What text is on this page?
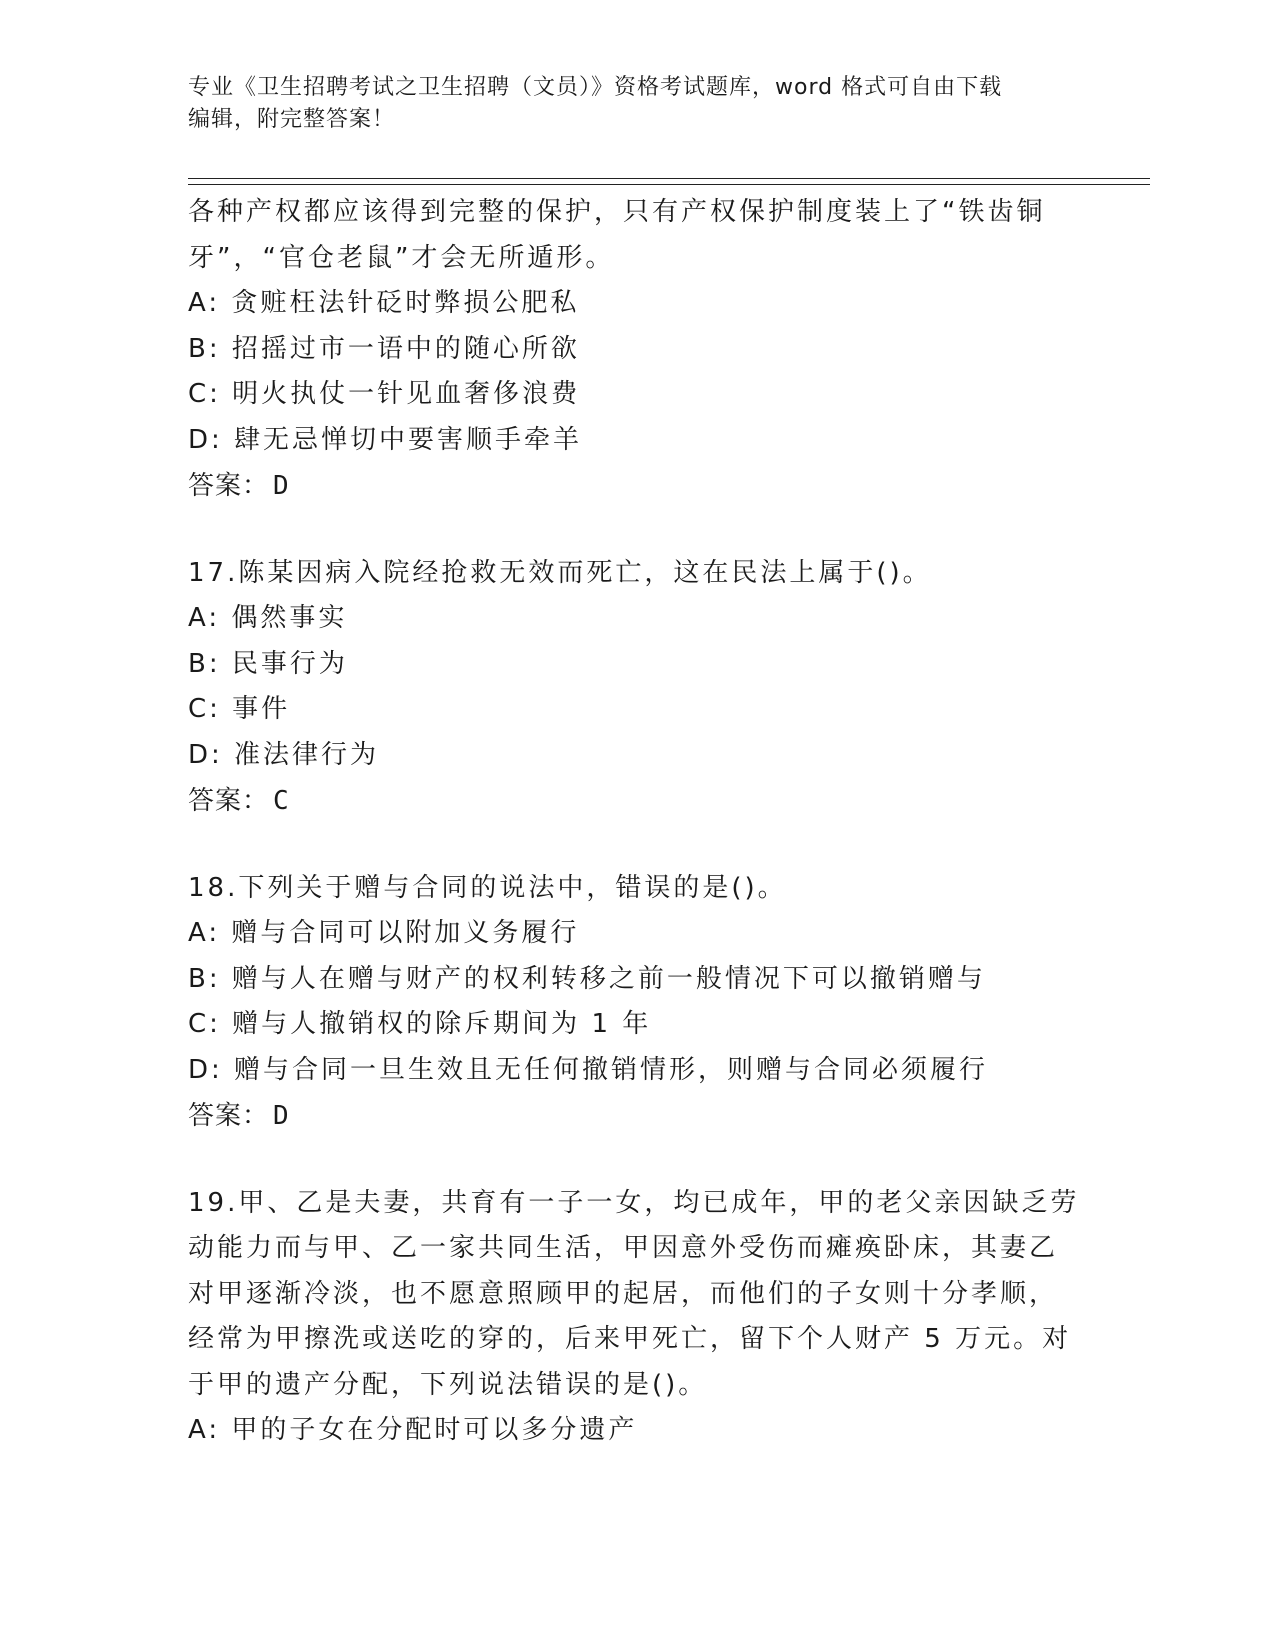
专业《卫生招聘考试之卫生招聘（文员）》资格考试题库，word 格式可自由下载
编辑，附完整答案！
各种产权都应该得到完整的保护，只有产权保护制度装上了“铁齿铜
牙”，“官仓老鼠”才会无所遁形。
A: 贪赃枉法针砭时弊损公肥私
B: 招摇过市一语中的随心所欲
C: 明火执仗一针见血奢侈浪费
D: 肆无忌惮切中要害顺手牵羊
答案： D
17.陈某因病入院经抢救无效而死亡，这在民法上属于()。
A: 偶然事实
B: 民事行为
C: 事件
D: 准法律行为
答案： C
18.下列关于赠与合同的说法中，错误的是()。
A: 赠与合同可以附加义务履行
B: 赠与人在赠与财产的权利转移之前一般情况下可以撤销赠与
C: 赠与人撤销权的除斥期间为 1 年
D: 赠与合同一旦生效且无任何撤销情形，则赠与合同必须履行
答案： D
19.甲、乙是夫妻，共育有一子一女，均已成年，甲的老父亲因缺乏劳
动能力而与甲、乙一家共同生活，甲因意外受伤而瘫痪卧床，其妻乙
对甲逐渐冷淡，也不愿意照顾甲的起居，而他们的子女则十分孝顺，
经常为甲擦洗或送吃的穿的，后来甲死亡，留下个人财产 5 万元。对
于甲的遗产分配，下列说法错误的是()。
A: 甲的子女在分配时可以多分遗产
